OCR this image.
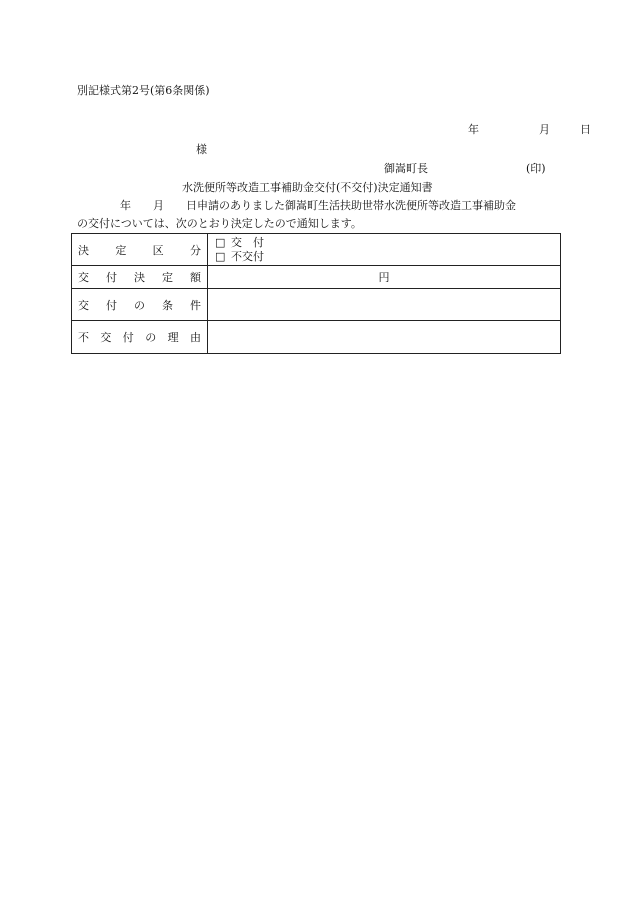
別記様式第2号(第6条関係)
年	月	日
様
御嵩町長	(印)
水洗便所等改造工事補助金交付(不交付)決定通知書
年　　月　　日申請のありました御嵩町生活扶助世帯水洗便所等改造工事補助金
の交付については、次のとおり決定したので通知します。
決定区分	□ 交　付
□ 不交付

交付決定額	円
交付の条件	
不交付の理由	
